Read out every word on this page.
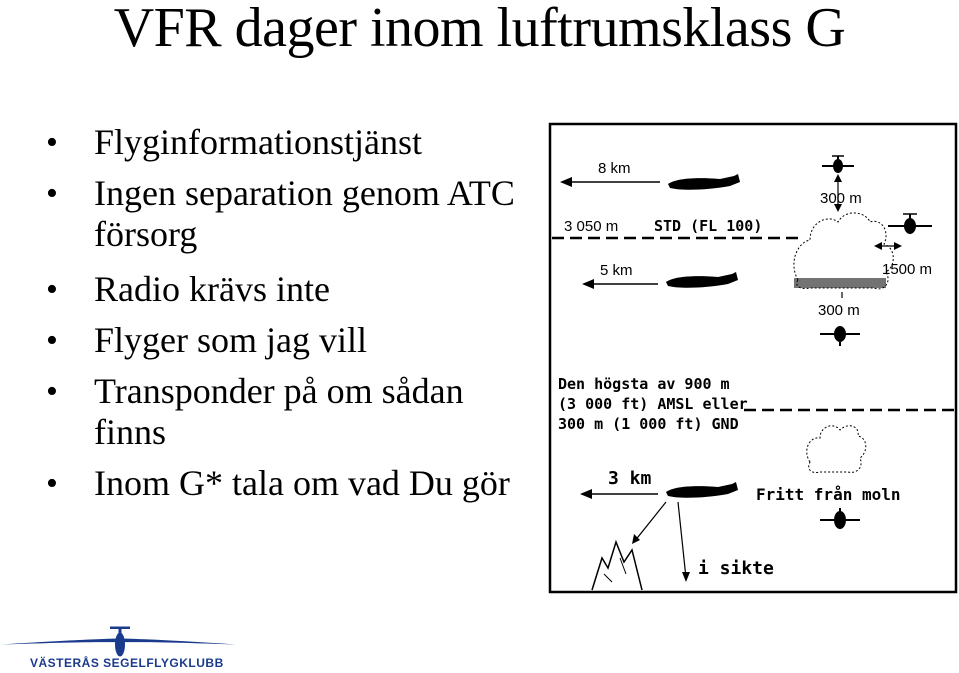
VFR dager inom luftrumsklass G
• Flyginformationstjänst
• Ingen separation genom ATC försorg
• Radio krävs inte
• Flyger som jag vill
• Transponder på om sådan finns
• Inom G* tala om vad Du gör
8 km
300 m
3 050 m STD (FL 100)
5 km	1500 m
300 m
Den högsta av 900 m
(3 000 ft) AMSL eller
300 m (1 000 ft) GND
3 km
Fritt från moln
i sikte
VÄSTERÅS SEGELFLYGKLUBB
